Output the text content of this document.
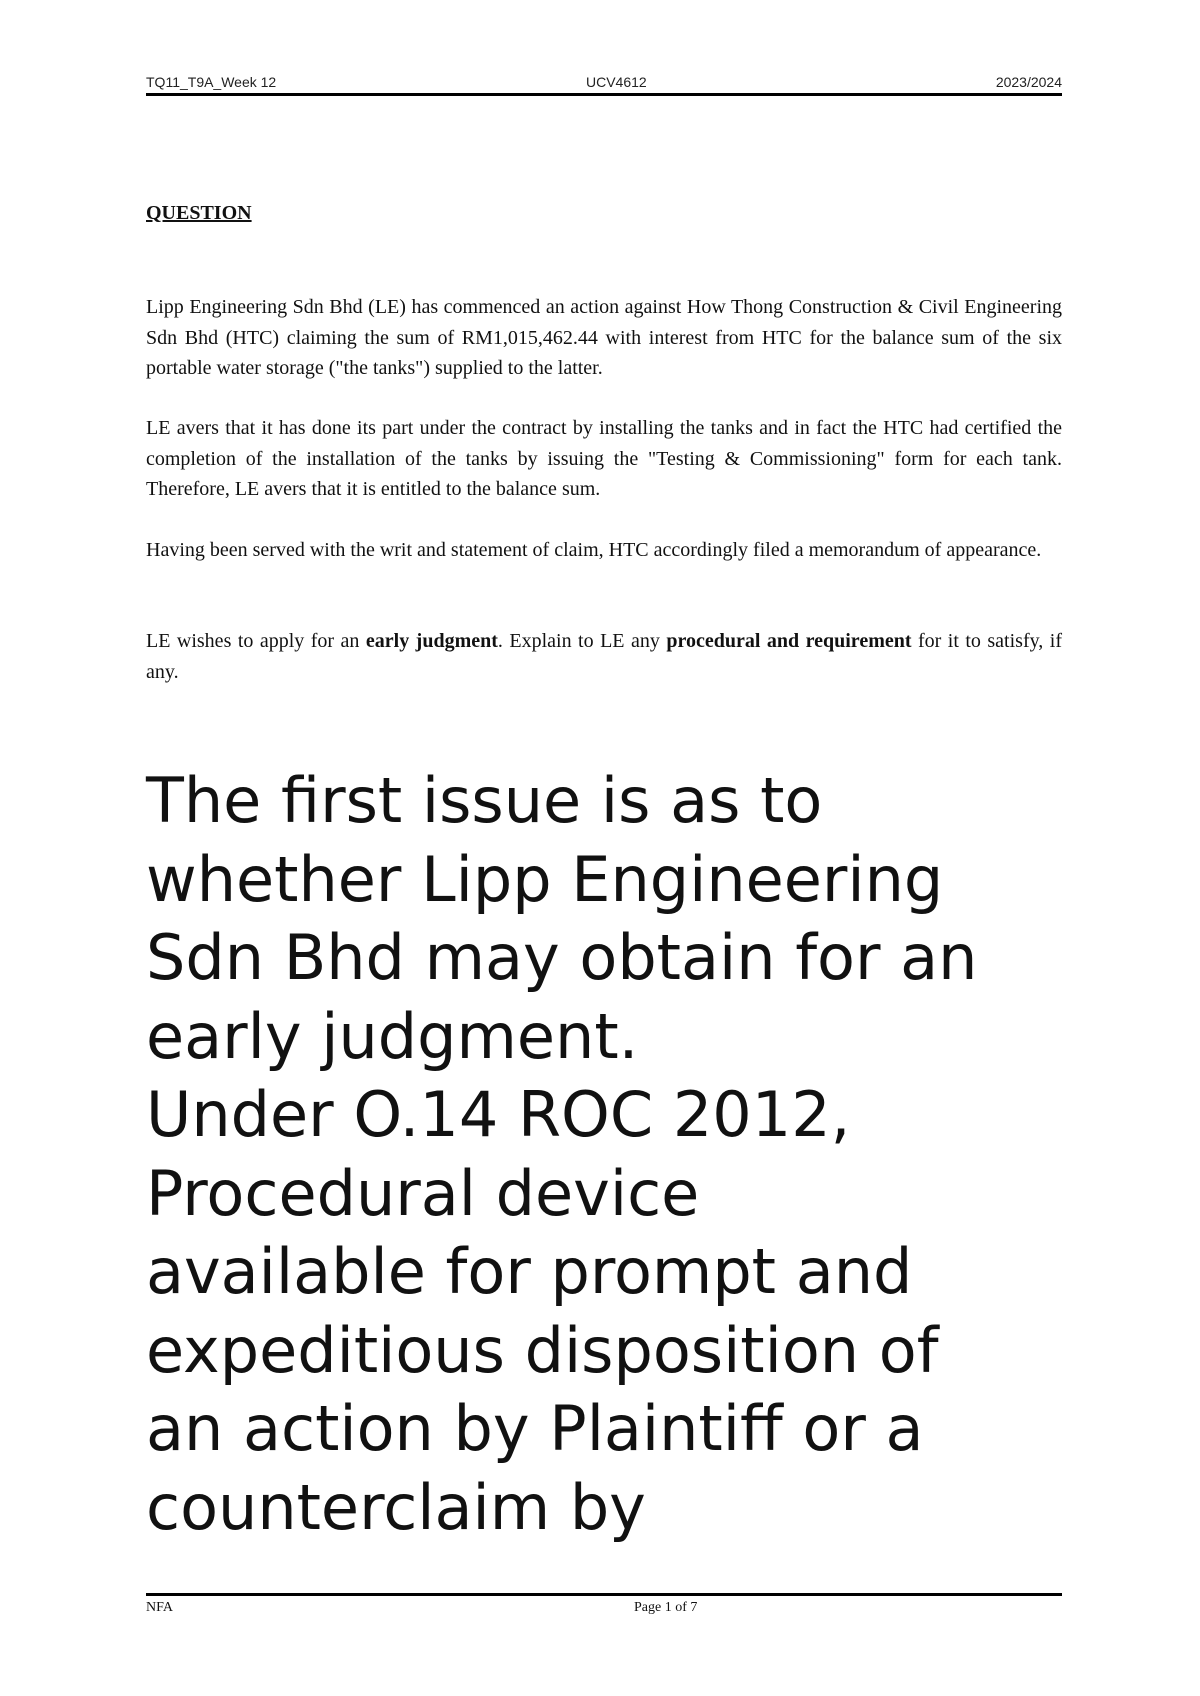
TQ11_T9A_Week 12	UCV4612	2023/2024
QUESTION

Lipp Engineering Sdn Bhd (LE) has commenced an action against How Thong Construction & Civil Engineering Sdn Bhd (HTC) claiming the sum of RM1,015,462.44 with interest from HTC for the balance sum of the six portable water storage ("the tanks") supplied to the latter.

LE avers that it has done its part under the contract by installing the tanks and in fact the HTC had certified the completion of the installation of the tanks by issuing the "Testing & Commissioning" form for each tank. Therefore, LE avers that it is entitled to the balance sum.

Having been served with the writ and statement of claim, HTC accordingly filed a memorandum of appearance.

LE wishes to apply for an early judgment. Explain to LE any procedural and requirement for it to satisfy, if any.

The first issue is as to
whether Lipp Engineering
Sdn Bhd may obtain for an
early judgment.
Under O.14 ROC 2012,
Procedural device
available for prompt and
expeditious disposition of
an action by Plaintiff or a
counterclaim by
NFA	Page 1 of 7
